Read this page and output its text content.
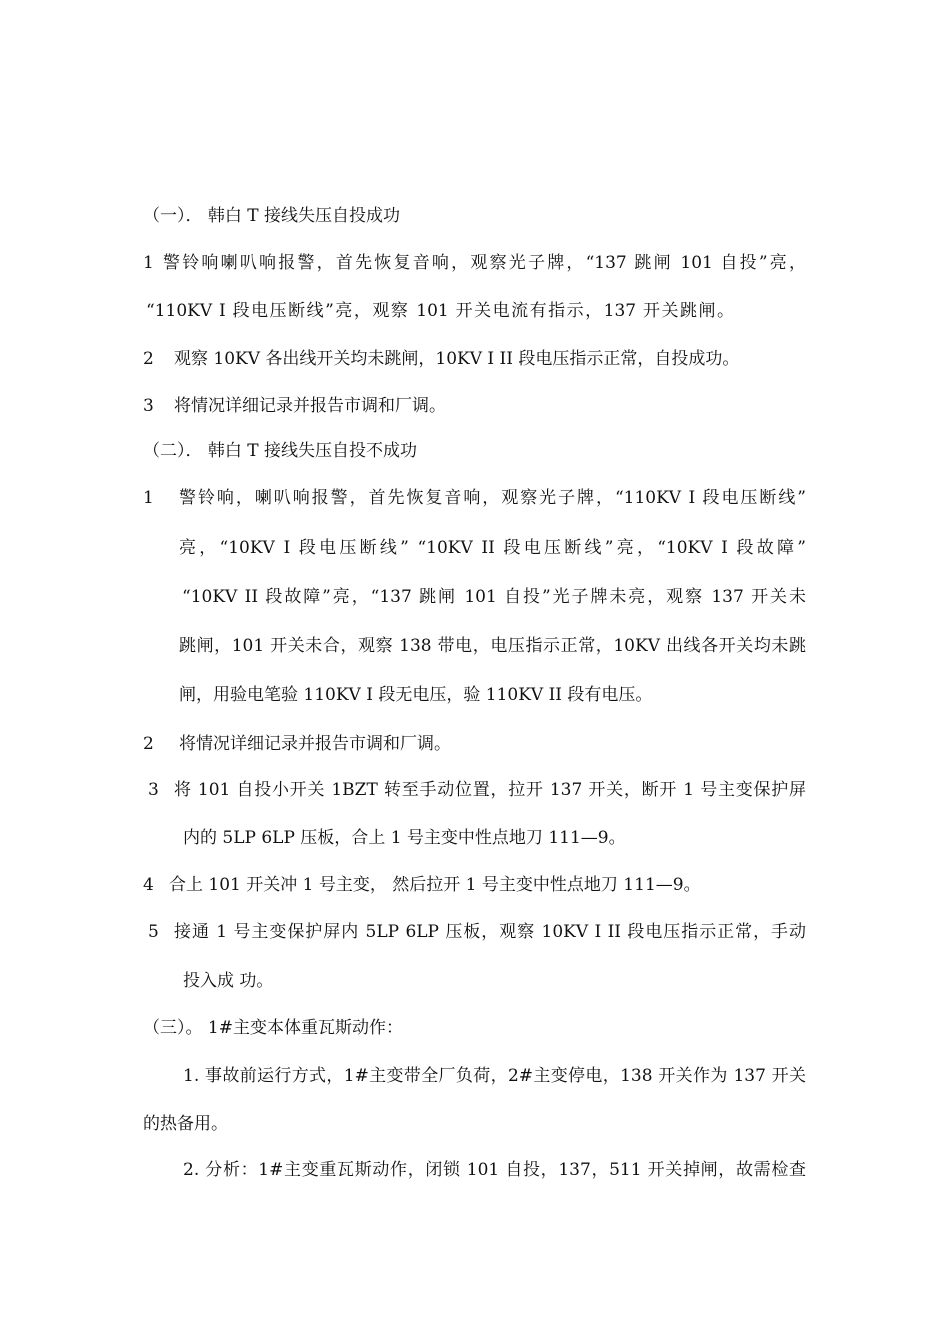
（一）． 韩白 T 接线失压自投成功
1 警铃响喇叭响报警，首先恢复音响，观察光子牌，“137 跳闸 101 自投”亮，
“110KV I 段电压断线”亮，观察 101 开关电流有指示，137 开关跳闸。
2 观察 10KV 各出线开关均未跳闸，10KV I II 段电压指示正常，自投成功。
3 将情况详细记录并报告市调和厂调。
（二）． 韩白 T 接线失压自投不成功
1 警铃响，喇叭响报警，首先恢复音响，观察光子牌，“110KV I 段电压断线”
亮，“10KV I 段电压断线” “10KV II 段电压断线”亮，“10KV I 段故障”
“10KV II 段故障”亮，“137 跳闸 101 自投”光子牌未亮，观察 137 开关未
跳闸，101 开关未合，观察 138 带电，电压指示正常，10KV 出线各开关均未跳
闸，用验电笔验 110KV I 段无电压，验 110KV II 段有电压。
2 将情况详细记录并报告市调和厂调。
3 将 101 自投小开关 1BZT 转至手动位置，拉开 137 开关，断开 1 号主变保护屏
内的 5LP 6LP 压板，合上 1 号主变中性点地刀 111—9。
4 合上 101 开关冲 1 号主变， 然后拉开 1 号主变中性点地刀 111—9。
5 接通 1 号主变保护屏内 5LP 6LP 压板，观察 10KV I II 段电压指示正常，手动
投入成 功。
（三）。 1#主变本体重瓦斯动作：
1. 事故前运行方式，1#主变带全厂负荷，2#主变停电，138 开关作为 137 开关
的热备用。
2. 分析：1#主变重瓦斯动作，闭锁 101 自投，137，511 开关掉闸，故需检查
